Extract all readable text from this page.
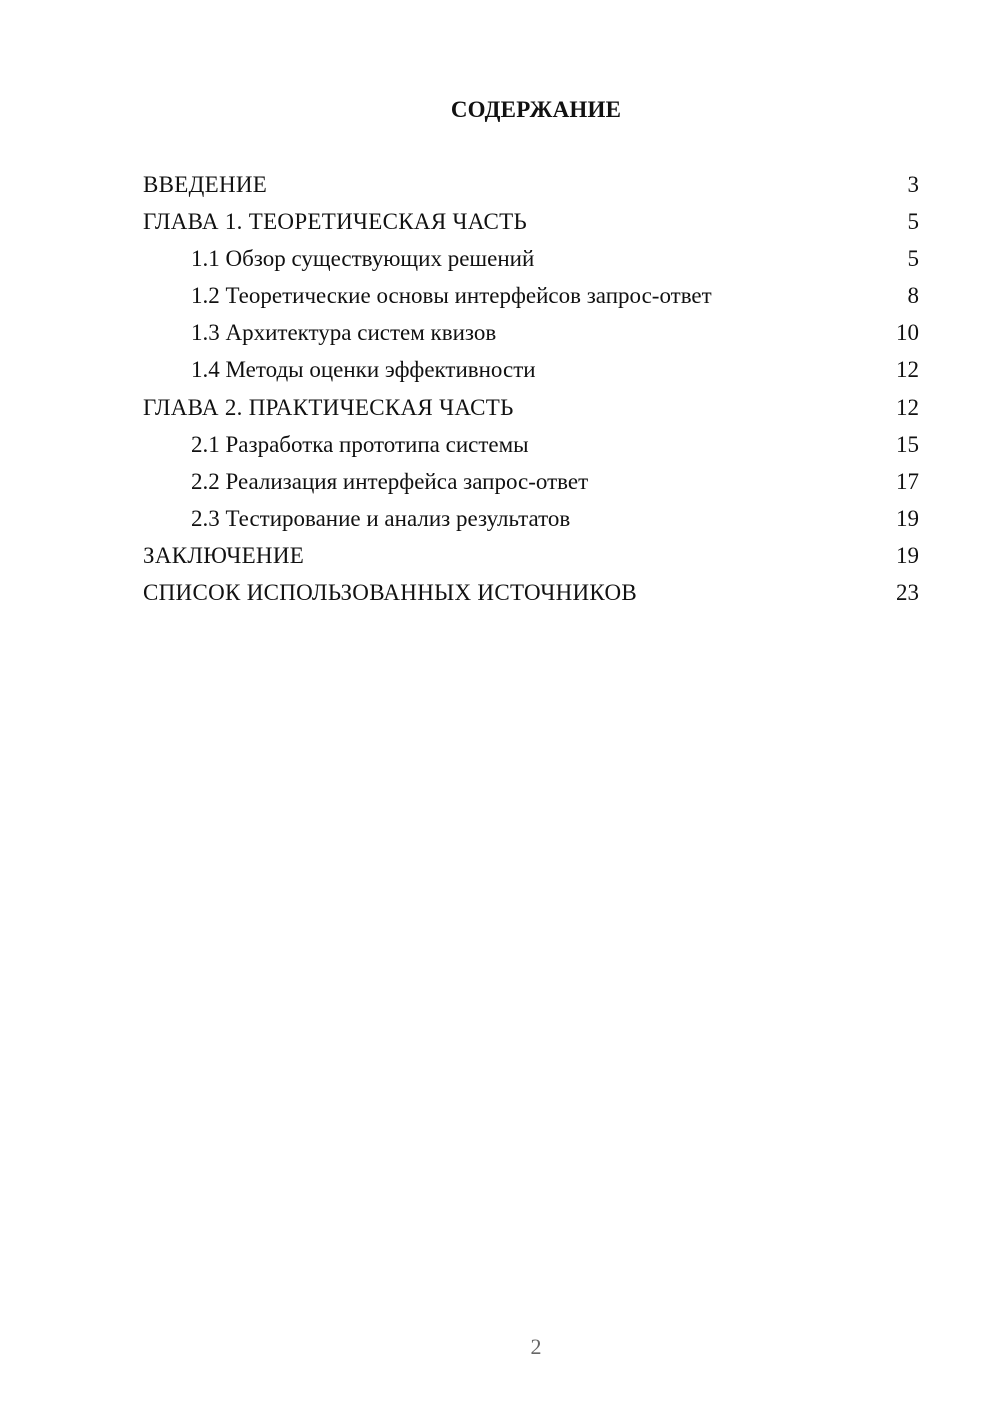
СОДЕРЖАНИЕ
ВВЕДЕНИЕ	3
ГЛАВА 1. ТЕОРЕТИЧЕСКАЯ ЧАСТЬ	5
1.1 Обзор существующих решений	5
1.2 Теоретические основы интерфейсов запрос-ответ	8
1.3 Архитектура систем квизов	10
1.4 Методы оценки эффективности	12
ГЛАВА 2. ПРАКТИЧЕСКАЯ ЧАСТЬ	12
2.1 Разработка прототипа системы	15
2.2 Реализация интерфейса запрос-ответ	17
2.3 Тестирование и анализ результатов	19
ЗАКЛЮЧЕНИЕ	19
СПИСОК ИСПОЛЬЗОВАННЫХ ИСТОЧНИКОВ	23
2
